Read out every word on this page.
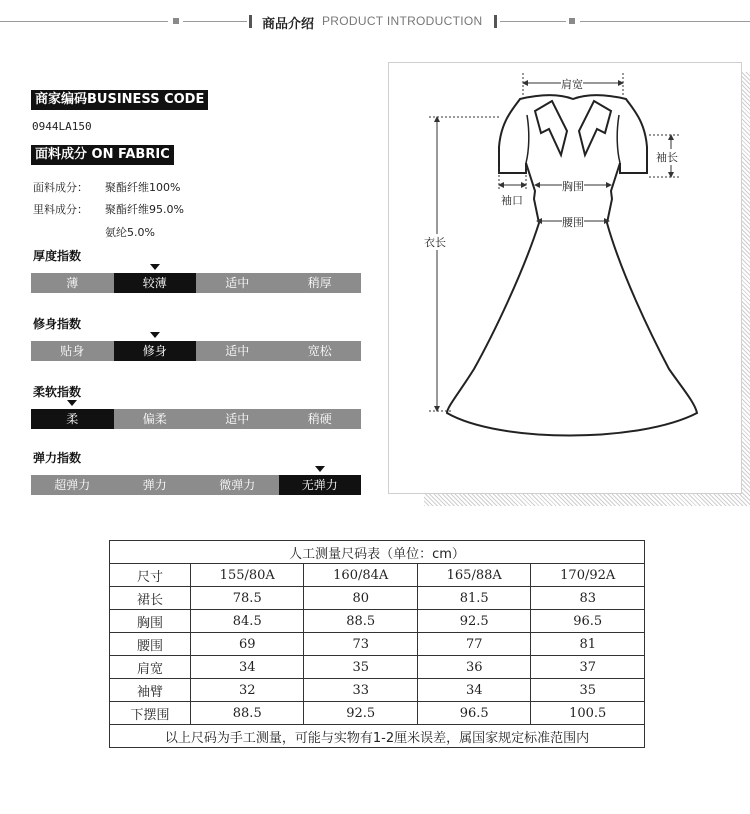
商品介绍 PRODUCT INTRODUCTION
商家编码BUSINESS CODE
0944LA150
面料成分 ON FABRIC
面料成分： 聚酯纤维100%
里料成分： 聚酯纤维95.0%
氨纶5.0%
厚度指数
薄	较薄	适中	稍厚
修身指数
贴身	修身	适中	宽松
柔软指数
柔	偏柔	适中	稍硬
弹力指数
超弹力	弹力	微弹力	无弹力
肩宽
袖长
袖口
胸围
腰围
衣长
人工测量尺码表（单位：cm）				
尺寸	155/80A	160/84A	165/88A	170/92A
裙长	78.5	80	81.5	83
胸围	84.5	88.5	92.5	96.5
腰围	69	73	77	81
肩宽	34	35	36	37
袖臂	32	33	34	35
下摆围	88.5	92.5	96.5	100.5
以上尺码为手工测量，可能与实物有1-2厘米误差，属国家规定标准范围内				
